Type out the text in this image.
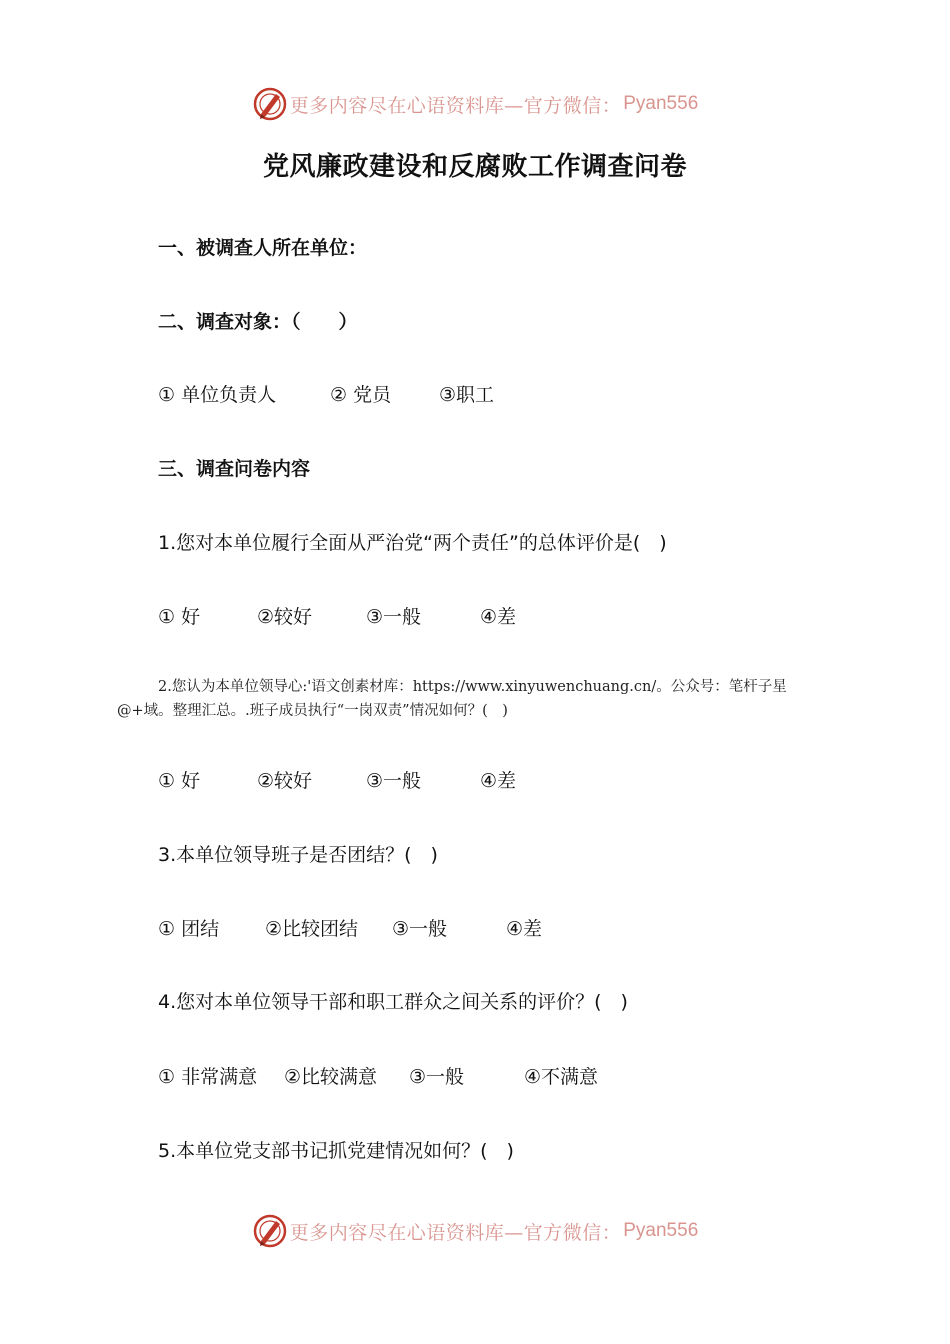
更多内容尽在心语资料库—官方微信： Pyan556
党风廉政建设和反腐败工作调查问卷
一、被调查人所在单位：
二、调查对象：（　　）
① 单位负责人	② 党员	③职工
三、调查问卷内容
1.您对本单位履行全面从严治党“两个责任”的总体评价是(　)
① 好	②较好	③一般	④差
2.您认为本单位领导心:'语文创素材库：https://www.xinyuwenchuang.cn/。公众号：笔杆子星
@+域。整理汇总。.班子成员执行“一岗双责”情况如何？(　)
① 好	②较好	③一般	④差
3.本单位领导班子是否团结？(　)
① 团结 ②比较团结 ③一般	④差
4.您对本单位领导干部和职工群众之间关系的评价？(　)
① 非常满意 ②比较满意 ③一般	④不满意
5.本单位党支部书记抓党建情况如何？(　)
更多内容尽在心语资料库—官方微信： Pyan556
